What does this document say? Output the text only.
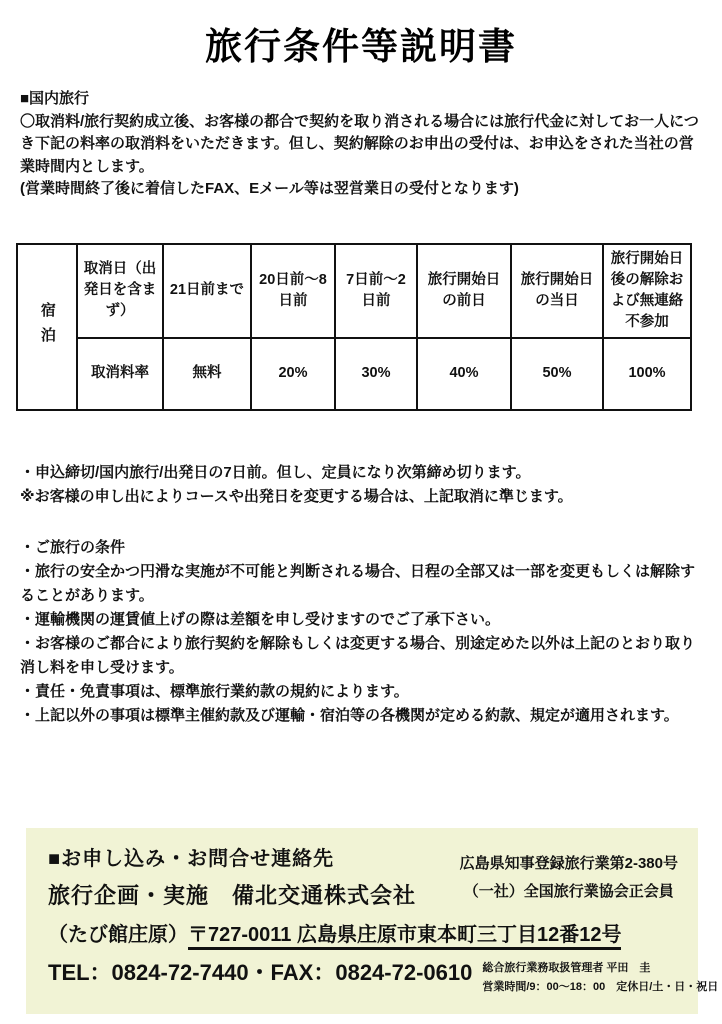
旅行条件等説明書
■国内旅行
〇取消料/旅行契約成立後、お客様の都合で契約を取り消される場合には旅行代金に対してお一人につき下記の料率の取消料をいただきます。但し、契約解除のお申出の受付は、お申込をされた当社の営業時間内とします。
(営業時間終了後に着信したFAX、Eメール等は翌営業日の受付となります)
宿泊	取消日（出発日を含まず）	21日前まで	20日前〜8日前	7日前〜2日前	旅行開始日の前日	旅行開始日の当日	旅行開始日後の解除および無連絡不参加
	取消料率	無料	20%	30%	40%	50%	100%
・申込締切/国内旅行/出発日の7日前。但し、定員になり次第締め切ります。
※お客様の申し出によりコースや出発日を変更する場合は、上記取消に準じます。
・ご旅行の条件
・旅行の安全かつ円滑な実施が不可能と判断される場合、日程の全部又は一部を変更もしくは解除することがあります。
・運輸機関の運賃値上げの際は差額を申し受けますのでご了承下さい。
・お客様のご都合により旅行契約を解除もしくは変更する場合、別途定めた以外は上記のとおり取り消し料を申し受けます。
・責任・免責事項は、標準旅行業約款の規約によります。
・上記以外の事項は標準主催約款及び運輸・宿泊等の各機関が定める約款、規定が適用されます。
■お申し込み・お問合せ連絡先
旅行企画・実施　備北交通株式会社
広島県知事登録旅行業第2-380号
（一社）全国旅行業協会正会員
（たび館庄原）〒727-0011 広島県庄原市東本町三丁目12番12号
TEL：0824-72-7440・FAX：0824-72-0610 総合旅行業務取扱管理者 平田　圭
営業時間/9：00〜18：00　定休日/土・日・祝日
